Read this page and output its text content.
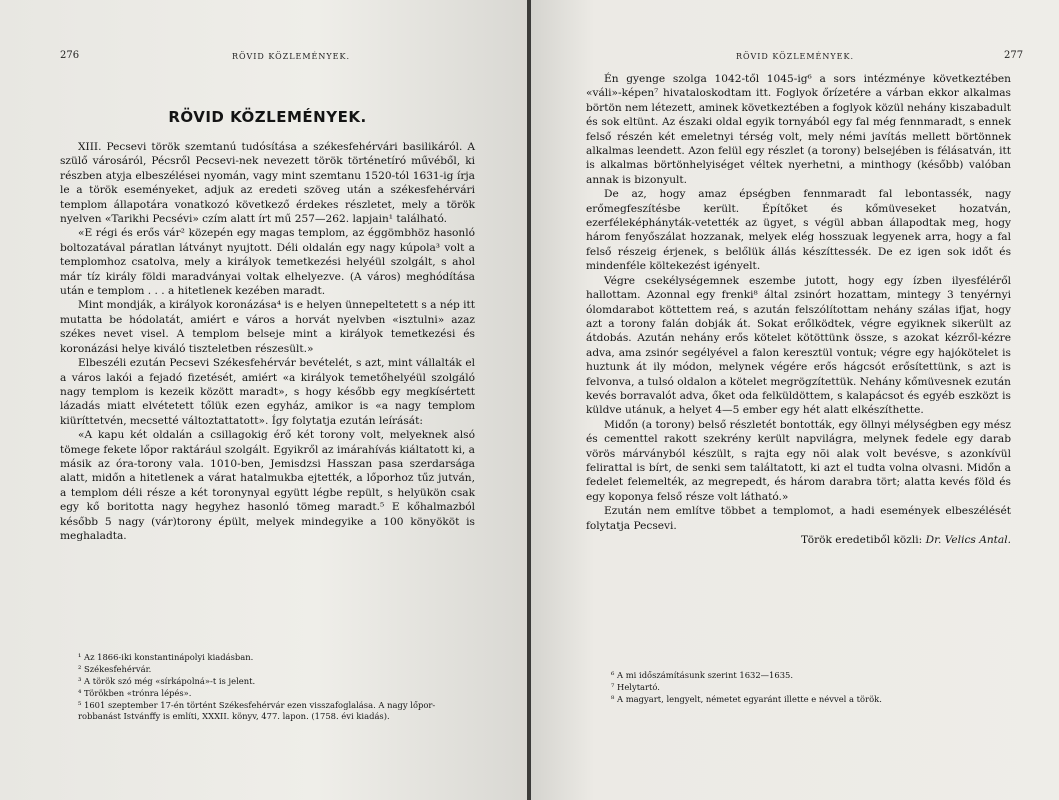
276	RÖVID KÖZLEMÉNYEK.
RÖVID KÖZLEMÉNYEK.

XIII. Pecsevi török szemtanú tudósítása a székesfehérvári basilikáról. A szülő városáról, Pécsről Pecsevi-nek nevezett török történetíró művéből, ki részben atyja elbeszélései nyomán, vagy mint szemtanu 1520-tól 1631-ig írja le a török eseményeket, adjuk az eredeti szöveg után a székesfehérvári templom állapotára vonatkozó következő érdekes részletet, mely a török nyelven «Tarikhi Pecsévi» czím alatt írt mű 257—262. lapjain¹ található.

«E régi és erős vár² közepén egy magas templom, az éggömbhöz hasonló boltozatával páratlan látványt nyujtott. Déli oldalán egy nagy kúpola³ volt a templomhoz csatolva, mely a királyok temetkezési helyéül szolgált, s ahol már tíz király földi maradványai voltak elhelyezve. (A város) meghódítása után e templom . . . a hitetlenek kezében maradt.

Mint mondják, a királyok koronázása⁴ is e helyen ünnepeltetett s a nép itt mutatta be hódolatát, amiért e város a horvát nyelvben «isztulni» azaz székes nevet visel. A templom belseje mint a királyok temetkezési és koronázási helye kiváló tiszteletben részesült.»

Elbeszéli ezután Pecsevi Székesfehérvár bevételét, s azt, mint vállalták el a város lakói a fejadó fizetését, amiért «a királyok temetőhelyéül szolgáló nagy templom is kezeik között maradt», s hogy később egy megkísértett lázadás miatt elvétetett tőlük ezen egyház, amikor is «a nagy templom kiüríttetvén, mecsetté változtattatott». Így folytatja ezután leírását:

«A kapu két oldalán a csillagokig érő két torony volt, melyeknek alsó tömege fekete lőpor raktárául szolgált. Egyikről az imárahívás kiáltatott ki, a másik az óra-torony vala. 1010-ben, Jemisdzsi Hasszan pasa szerdarsága alatt, midőn a hitetlenek a várat hatalmukba ejtették, a lőporhoz tűz jutván, a templom déli része a két toronynyal együtt légbe repült, s helyükön csak egy kő boritotta nagy hegyhez hasonló tömeg maradt.⁵ E kőhalmazból később 5 nagy (vár)torony épült, melyek mindegyike a 100 könyököt is meghaladta.

¹ Az 1866-iki konstantinápolyi kiadásban.

² Székesfehérvár.

³ A török szó még «sírkápolná»-t is jelent.

⁴ Törökben «trónra lépés».

⁵ 1601 szeptember 17-én történt Székesfehérvár ezen visszafoglalása. A nagy lőpor-robbanást Istvánffy is említi, XXXII. könyv, 477. lapon. (1758. évi kiadás).

RÖVID KÖZLEMÉNYEK.	277

Én gyenge szolga 1042-től 1045-ig⁶ a sors intézménye következtében «váli»-képen⁷ hivataloskodtam itt. Foglyok őrízetére a várban ekkor alkalmas börtön nem létezett, aminek következtében a foglyok közül nehány kiszabadult és sok eltünt. Az északi oldal egyik tornyából egy fal még fennmaradt, s ennek felső részén két emeletnyi térség volt, mely némi javítás mellett börtönnek alkalmas leendett. Azon felül egy részlet (a torony) belsejében is félásatván, itt is alkalmas börtönhelyiséget véltek nyerhetni, a minthogy (később) valóban annak is bizonyult.

De az, hogy amaz épségben fennmaradt fal lebontassék, nagy erőmegfeszítésbe került. Építőket és kőmüveseket hozatván, ezerféleképhányták-vetették az ügyet, s végül abban állapodtak meg, hogy három fenyőszálat hozzanak, melyek elég hosszuak legyenek arra, hogy a fal felső részeig érjenek, s belőlük állás készíttessék. De ez igen sok időt és mindenféle költekezést igényelt.

Végre csekélységemnek eszembe jutott, hogy egy ízben ilyesféléről hallottam. Azonnal egy frenki⁸ által zsinórt hozattam, mintegy 3 tenyérnyi ólomdarabot köttettem reá, s azután felszólítottam nehány szálas ifjat, hogy azt a torony falán dobják át. Sokat erőlködtek, végre egyiknek sikerült az átdobás. Azután nehány erős kötelet kötöttünk össze, s azokat kézről-kézre adva, ama zsinór segélyével a falon keresztül vontuk; végre egy hajókötelet is huztunk át ily módon, melynek végére erős hágcsót erősítettünk, s azt is felvonva, a tulsó oldalon a kötelet megrögzítettük. Nehány kőmüvesnek ezután kevés borravalót adva, őket oda felküldöttem, s kalapácsot és egyéb eszközt is küldve utánuk, a helyet 4—5 ember egy hét alatt elkészíthette.

Midőn (a torony) belső részletét bontották, egy öllnyi mélységben egy mész és cementtel rakott szekrény került napvilágra, melynek fedele egy darab vörös márványból készült, s rajta egy nõi alak volt bevésve, s azonkívül felirattal is bírt, de senki sem találtatott, ki azt el tudta volna olvasni. Midőn a fedelet felemelték, az megrepedt, és három darabra tört; alatta kevés föld és egy koponya felső része volt látható.»

Ezután nem említve többet a templomot, a hadi események elbeszélését folytatja Pecsevi.

Török eredetiből közli: Dr. Velics Antal.

⁶ A mi időszámításunk szerint 1632—1635.

⁷ Helytartó.

⁸ A magyart, lengyelt, németet egyaránt illette e névvel a török.
